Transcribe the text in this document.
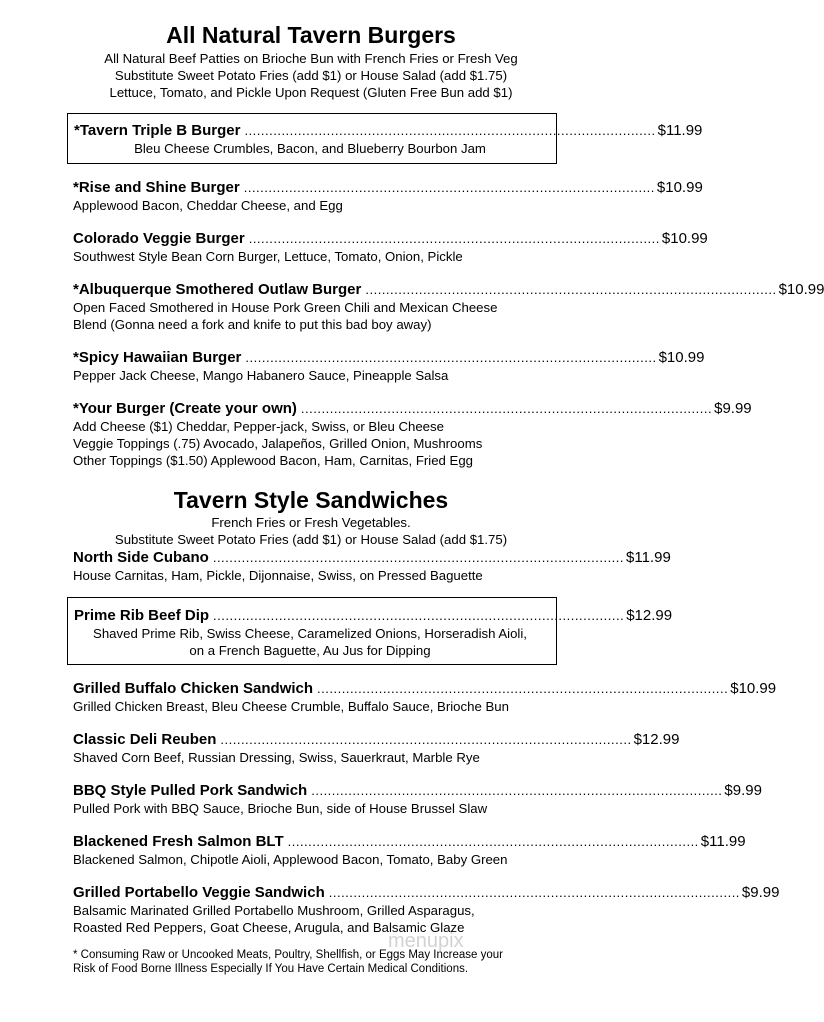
All Natural Tavern Burgers
All Natural Beef Patties on Brioche Bun with French Fries or Fresh Veg
Substitute Sweet Potato Fries (add $1) or House Salad (add $1.75)
Lettuce, Tomato, and Pickle Upon Request (Gluten Free Bun add $1)
*Tavern Triple B Burger .................................................................................................... $11.99
Bleu Cheese Crumbles, Bacon, and Blueberry Bourbon Jam
*Rise and Shine Burger .................................................................................................... $10.99
Applewood Bacon, Cheddar Cheese, and Egg
Colorado Veggie Burger .................................................................................................... $10.99
Southwest Style Bean Corn Burger, Lettuce, Tomato, Onion, Pickle
*Albuquerque Smothered Outlaw Burger .................................................................................................... $10.99
Open Faced Smothered in House Pork Green Chili and Mexican Cheese
Blend (Gonna need a fork and knife to put this bad boy away)
*Spicy Hawaiian Burger .................................................................................................... $10.99
Pepper Jack Cheese, Mango Habanero Sauce, Pineapple Salsa
*Your Burger (Create your own) .................................................................................................... $9.99
Add Cheese ($1) Cheddar, Pepper-jack, Swiss, or Bleu Cheese
Veggie Toppings (.75) Avocado, Jalapeños, Grilled Onion, Mushrooms
Other Toppings ($1.50) Applewood Bacon, Ham, Carnitas, Fried Egg
Tavern Style Sandwiches
French Fries or Fresh Vegetables.
Substitute Sweet Potato Fries (add $1) or House Salad (add $1.75)
North Side Cubano .................................................................................................... $11.99
House Carnitas, Ham, Pickle, Dijonnaise, Swiss, on Pressed Baguette
Prime Rib Beef Dip .................................................................................................... $12.99
Shaved Prime Rib, Swiss Cheese, Caramelized Onions, Horseradish Aioli,
on a French Baguette, Au Jus for Dipping
Grilled Buffalo Chicken Sandwich .................................................................................................... $10.99
Grilled Chicken Breast, Bleu Cheese Crumble, Buffalo Sauce, Brioche Bun
Classic Deli Reuben .................................................................................................... $12.99
Shaved Corn Beef, Russian Dressing, Swiss, Sauerkraut, Marble Rye
BBQ Style Pulled Pork Sandwich .................................................................................................... $9.99
Pulled Pork with BBQ Sauce, Brioche Bun, side of House Brussel Slaw
Blackened Fresh Salmon BLT .................................................................................................... $11.99
Blackened Salmon, Chipotle Aioli, Applewood Bacon, Tomato, Baby Green
Grilled Portabello Veggie Sandwich .................................................................................................... $9.99
Balsamic Marinated Grilled Portabello Mushroom, Grilled Asparagus,
Roasted Red Peppers, Goat Cheese, Arugula, and Balsamic Glaze
menupix
* Consuming Raw or Uncooked Meats, Poultry, Shellfish, or Eggs May Increase your
Risk of Food Borne Illness Especially If You Have Certain Medical Conditions.
